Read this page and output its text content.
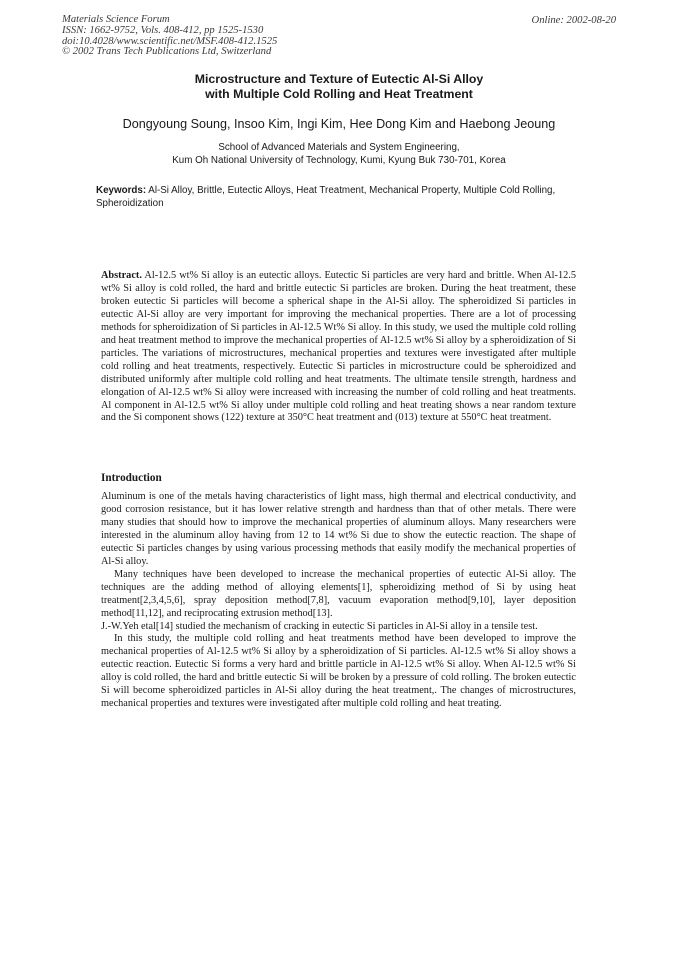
Materials Science Forum
ISSN: 1662-9752, Vols. 408-412, pp 1525-1530
doi:10.4028/www.scientific.net/MSF.408-412.1525
© 2002 Trans Tech Publications Ltd, Switzerland
Online: 2002-08-20
Microstructure and Texture of Eutectic Al-Si Alloy
with Multiple Cold Rolling and Heat Treatment
Dongyoung Soung, Insoo Kim, Ingi Kim, Hee Dong Kim and Haebong Jeoung
School of Advanced Materials and System Engineering,
Kum Oh National University of Technology, Kumi, Kyung Buk 730-701, Korea
Keywords: Al-Si Alloy, Brittle, Eutectic Alloys, Heat Treatment, Mechanical Property, Multiple Cold Rolling, Spheroidization
Abstract. Al-12.5 wt% Si alloy is an eutectic alloys. Eutectic Si particles are very hard and brittle. When Al-12.5 wt% Si alloy is cold rolled, the hard and brittle eutectic Si particles are broken. During the heat treatment, these broken eutectic Si particles will become a spherical shape in the Al-Si alloy. The spheroidized Si particles in eutectic Al-Si alloy are very important for improving the mechanical properties. There are a lot of processing methods for spheroidization of Si particles in Al-12.5 Wt% Si alloy. In this study, we used the multiple cold rolling and heat treatment method to improve the mechanical properties of Al-12.5 wt% Si alloy by a spheroidization of Si particles. The variations of microstructures, mechanical properties and textures were investigated after multiple cold rolling and heat treatments, respectively. Eutectic Si particles in microstructure could be spheroidized and distributed uniformly after multiple cold rolling and heat treatments. The ultimate tensile strength, hardness and elongation of Al-12.5 wt% Si alloy were increased with increasing the number of cold rolling and heat treatments. Al component in Al-12.5 wt% Si alloy under multiple cold rolling and heat treating shows a near random texture and the Si component shows (122) texture at 350°C heat treatment and (013) texture at 550°C heat treatment.
Introduction

Aluminum is one of the metals having characteristics of light mass, high thermal and electrical conductivity, and good corrosion resistance, but it has lower relative strength and hardness than that of other metals. There were many studies that should how to improve the mechanical properties of aluminum alloys. Many researchers were interested in the aluminum alloy having from 12 to 14 wt% Si due to show the eutectic reaction. The shape of eutectic Si particles changes by using various processing methods that easily modify the mechanical properties of Al-Si alloy.

Many techniques have been developed to increase the mechanical properties of eutectic Al-Si alloy. The techniques are the adding method of alloying elements[1], spheroidizing method of Si by using heat treatment[2,3,4,5,6], spray deposition method[7,8], vacuum evaporation method[9,10], layer deposition method[11,12], and reciprocating extrusion method[13].

J.-W.Yeh etal[14] studied the mechanism of cracking in eutectic Si particles in Al-Si alloy in a tensile test.

In this study, the multiple cold rolling and heat treatments method have been developed to improve the mechanical properties of Al-12.5 wt% Si alloy by a spheroidization of Si particles. Al-12.5 wt% Si alloy shows a eutectic reaction. Eutectic Si forms a very hard and brittle particle in Al-12.5 wt% Si alloy. When Al-12.5 wt% Si alloy is cold rolled, the hard and brittle eutectic Si will be broken by a pressure of cold rolling. The broken eutectic Si will become spheroidized particles in Al-Si alloy during the heat treatment,. The changes of microstructures, mechanical properties and textures were investigated after multiple cold rolling and heat treating.
